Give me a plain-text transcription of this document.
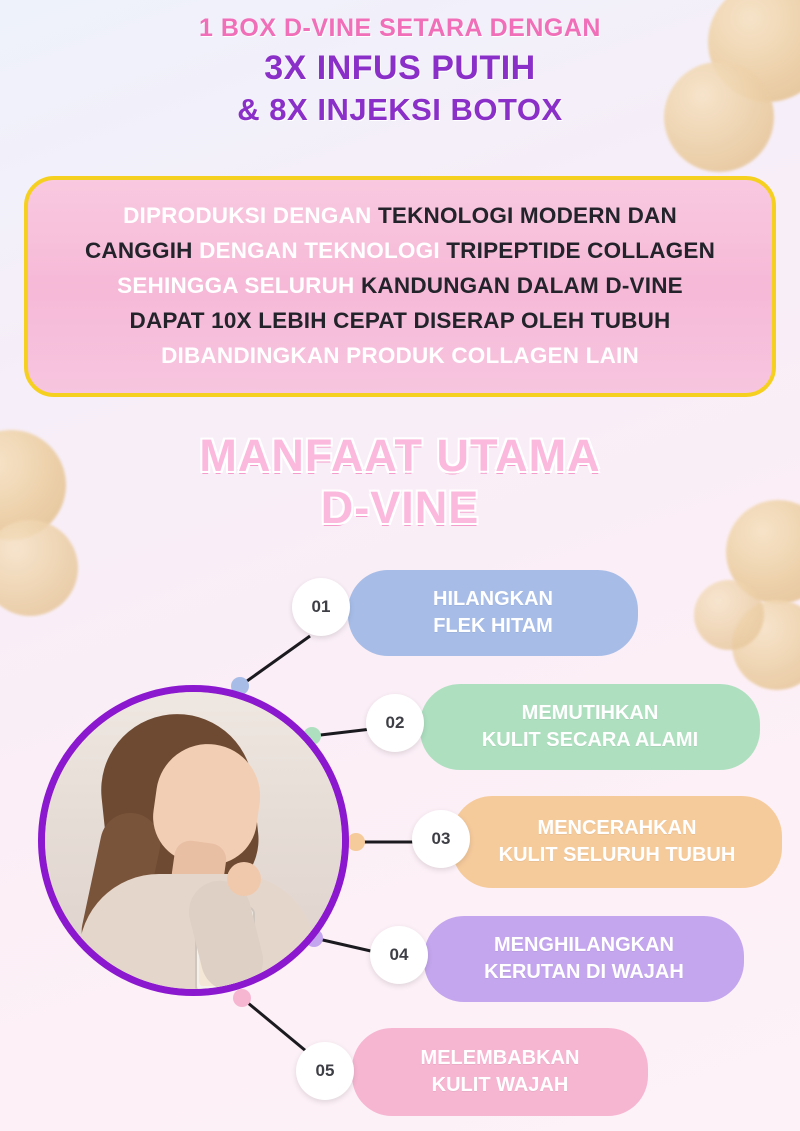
1 BOX D-VINE SETARA DENGAN
3X INFUS PUTIH
& 8X INJEKSI BOTOX
DIPRODUKSI DENGAN TEKNOLOGI MODERN DAN
CANGGIH DENGAN TEKNOLOGI TRIPEPTIDE COLLAGEN
SEHINGGA SELURUH KANDUNGAN DALAM D-VINE
DAPAT 10X LEBIH CEPAT DISERAP OLEH TUBUH
DIBANDINGKAN PRODUK COLLAGEN LAIN
MANFAAT UTAMA
D-VINE
HILANGKAN
FLEK HITAM
MEMUTIHKAN
KULIT SECARA ALAMI
MENCERAHKAN
KULIT SELURUH TUBUH
MENGHILANGKAN
KERUTAN DI WAJAH
MELEMBABKAN
KULIT WAJAH
01
02
03
04
05
